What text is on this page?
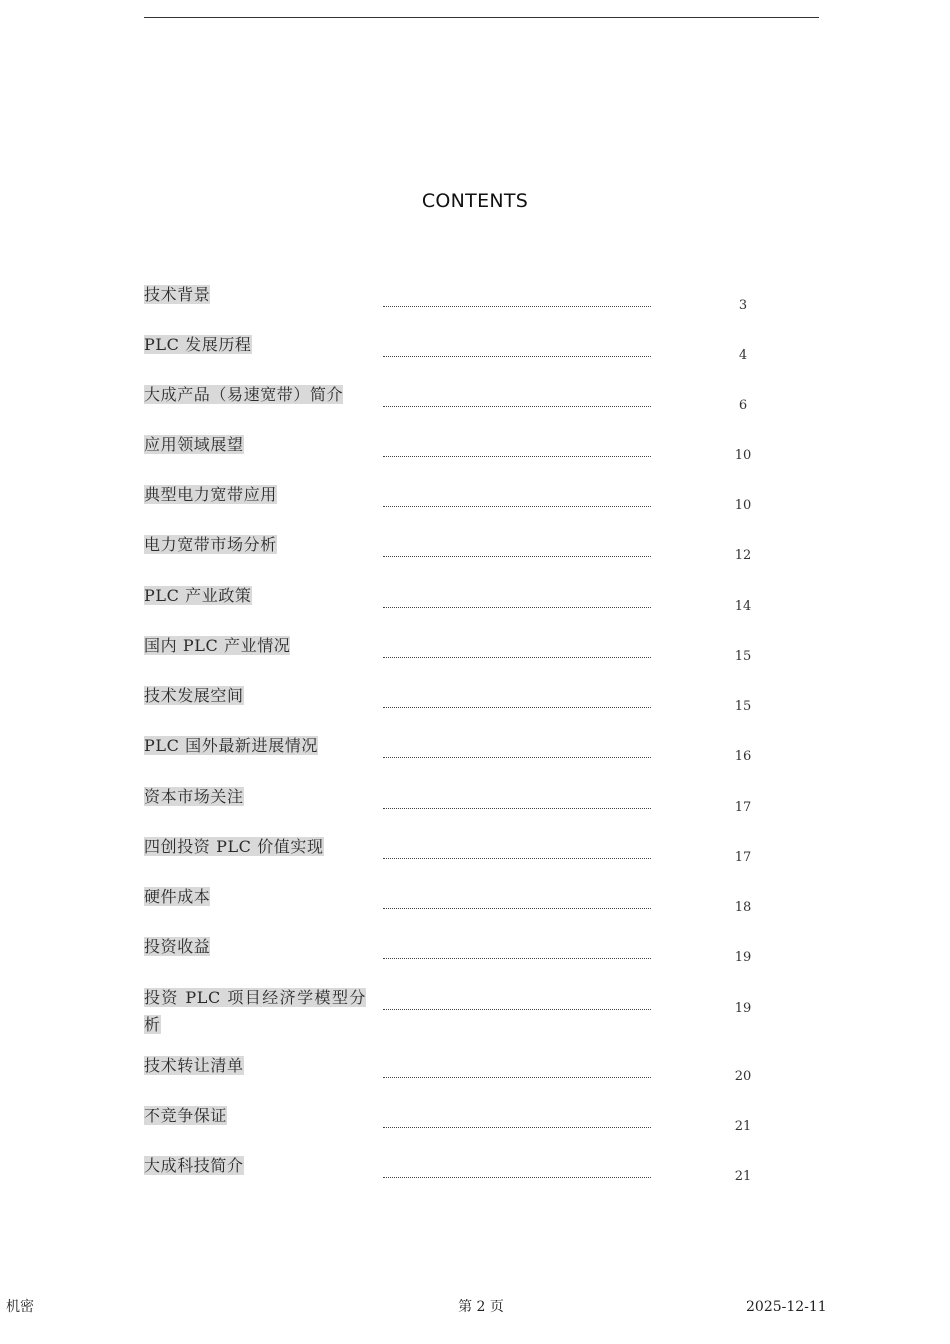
CONTENTS
技术背景
3
PLC 发展历程
4
大成产品（易速宽带）简介
6
应用领域展望
10
典型电力宽带应用
10
电力宽带市场分析
12
PLC 产业政策
14
国内 PLC 产业情况
15
技术发展空间
15
PLC 国外最新进展情况
16
资本市场关注
17
四创投资 PLC 价值实现
17
硬件成本
18
投资收益
19
投资 PLC 项目经济学模型分析
19
技术转让清单
20
不竞争保证
21
大成科技简介
21
机密	第 2 页	2025-12-11
